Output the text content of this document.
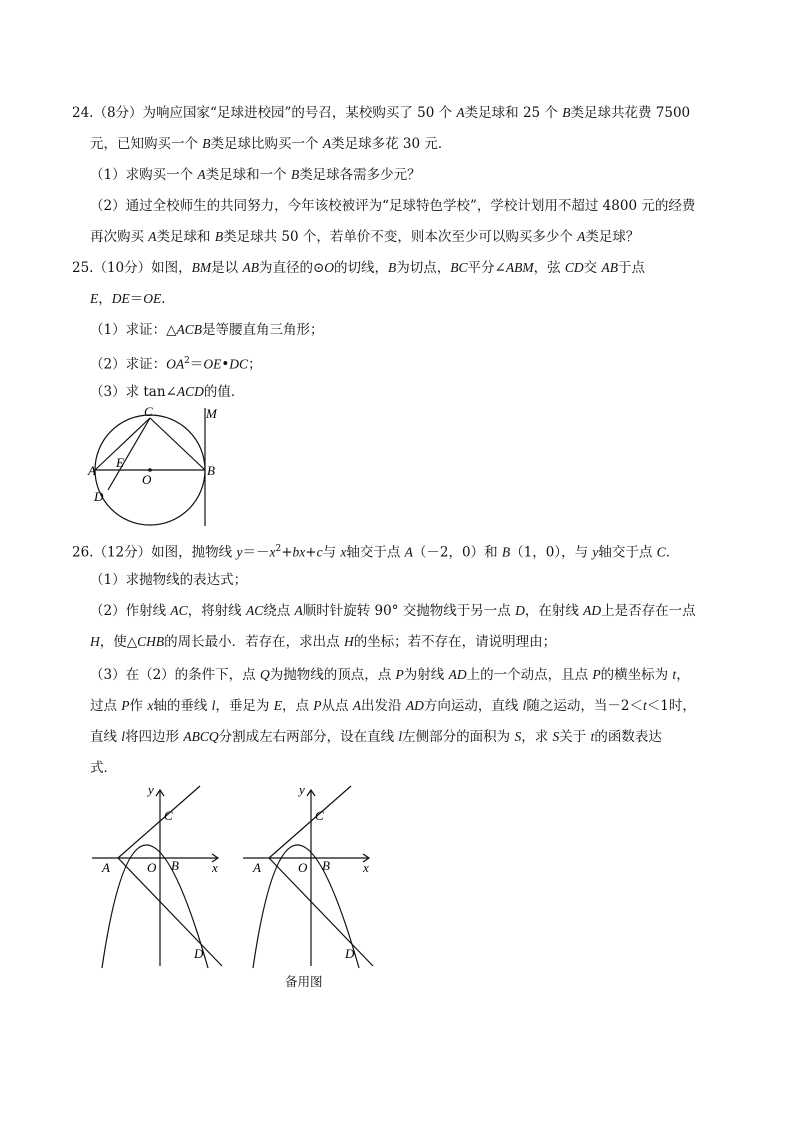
24.（8分）为响应国家“足球进校园”的号召，某校购买了 50 个 A类足球和 25 个 B类足球共花费 7500
元，已知购买一个 B类足球比购买一个 A类足球多花 30 元．
（1）求购买一个 A类足球和一个 B类足球各需多少元？
（2）通过全校师生的共同努力，今年该校被评为“足球特色学校”，学校计划用不超过 4800 元的经费
再次购买 A类足球和 B类足球共 50 个，若单价不变，则本次至少可以购买多少个 A类足球？
25.（10分）如图，BM是以 AB为直径的⊙O的切线，B为切点，BC平分∠ABM，弦 CD交 AB于点
E，DE＝OE．
（1）求证：△ACB是等腰直角三角形；
（2）求证：$OA^2=OE•DC$；
（3）求 tan∠ACD的值．
C	M
A
E
O
B
D
26.（12分）如图，抛物线 $y=-x^2+bx+c$与 x轴交于点 A（－2，0）和 B（1，0），与 y轴交于点 C．
（1）求抛物线的表达式；
（2）作射线 AC，将射线 AC绕点 A顺时针旋转 90° 交抛物线于另一点 D，在射线 AD上是否存在一点
H，使△CHB的周长最小．若存在，求出点 H的坐标；若不存在，请说明理由；
（3）在（2）的条件下，点 Q为抛物线的顶点，点 P为射线 AD上的一个动点，且点 P的横坐标为 t，
过点 P作 x轴的垂线 l，垂足为 E，点 P从点 A出发沿 AD方向运动，直线 l随之运动，当－2＜t＜1时，
直线 l将四边形 ABCQ分割成左右两部分，设在直线 l左侧部分的面积为 S，求 S关于 t的函数表达
式．
y
C
A	O B	x
D
y
C
A	O B	x
D
备用图
